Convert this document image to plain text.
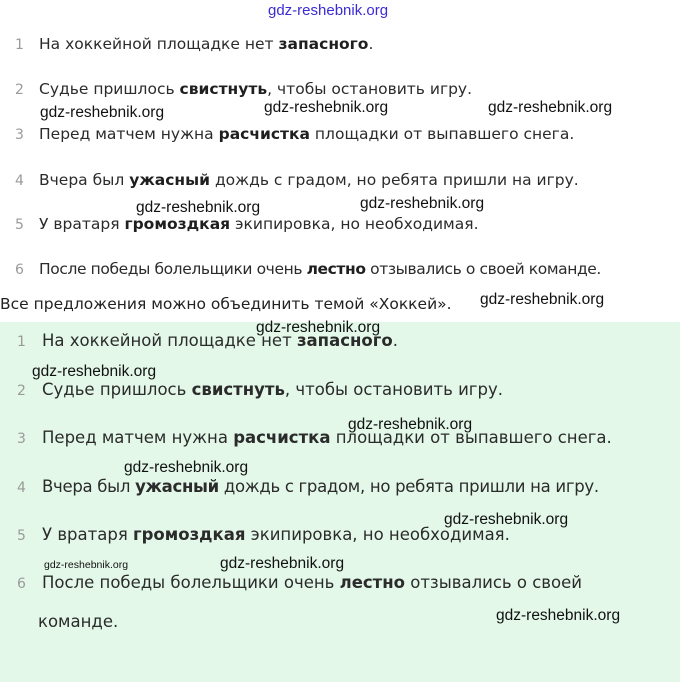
gdz-reshebnik.org
1 На хоккейной площадке нет запасного.
2 Судье пришлось свистнуть, чтобы остановить игру.
3 Перед матчем нужна расчистка площадки от выпавшего снега.
4 Вчера был ужасный дождь с градом, но ребята пришли на игру.
5 У вратаря громоздкая экипировка, но необходимая.
6 После победы болельщики очень лестно отзывались о своей команде.
Все предложения можно объединить темой «Хоккей».
1 На хоккейной площадке нет запасного.
2 Судье пришлось свистнуть, чтобы остановить игру.
3 Перед матчем нужна расчистка площадки от выпавшего снега.
4 Вчера был ужасный дождь с градом, но ребята пришли на игру.
5 У вратаря громоздкая экипировка, но необходимая.
6 После победы болельщики очень лестно отзывались о своей
команде.
gdz-reshebnik.org	gdz-reshebnik.org	gdz-reshebnik.org
gdz-reshebnik.org	gdz-reshebnik.org
gdz-reshebnik.org
gdz-reshebnik.org
gdz-reshebnik.org
gdz-reshebnik.org
gdz-reshebnik.org
gdz-reshebnik.org
gdz-reshebnik.org	gdz-reshebnik.org
gdz-reshebnik.org
